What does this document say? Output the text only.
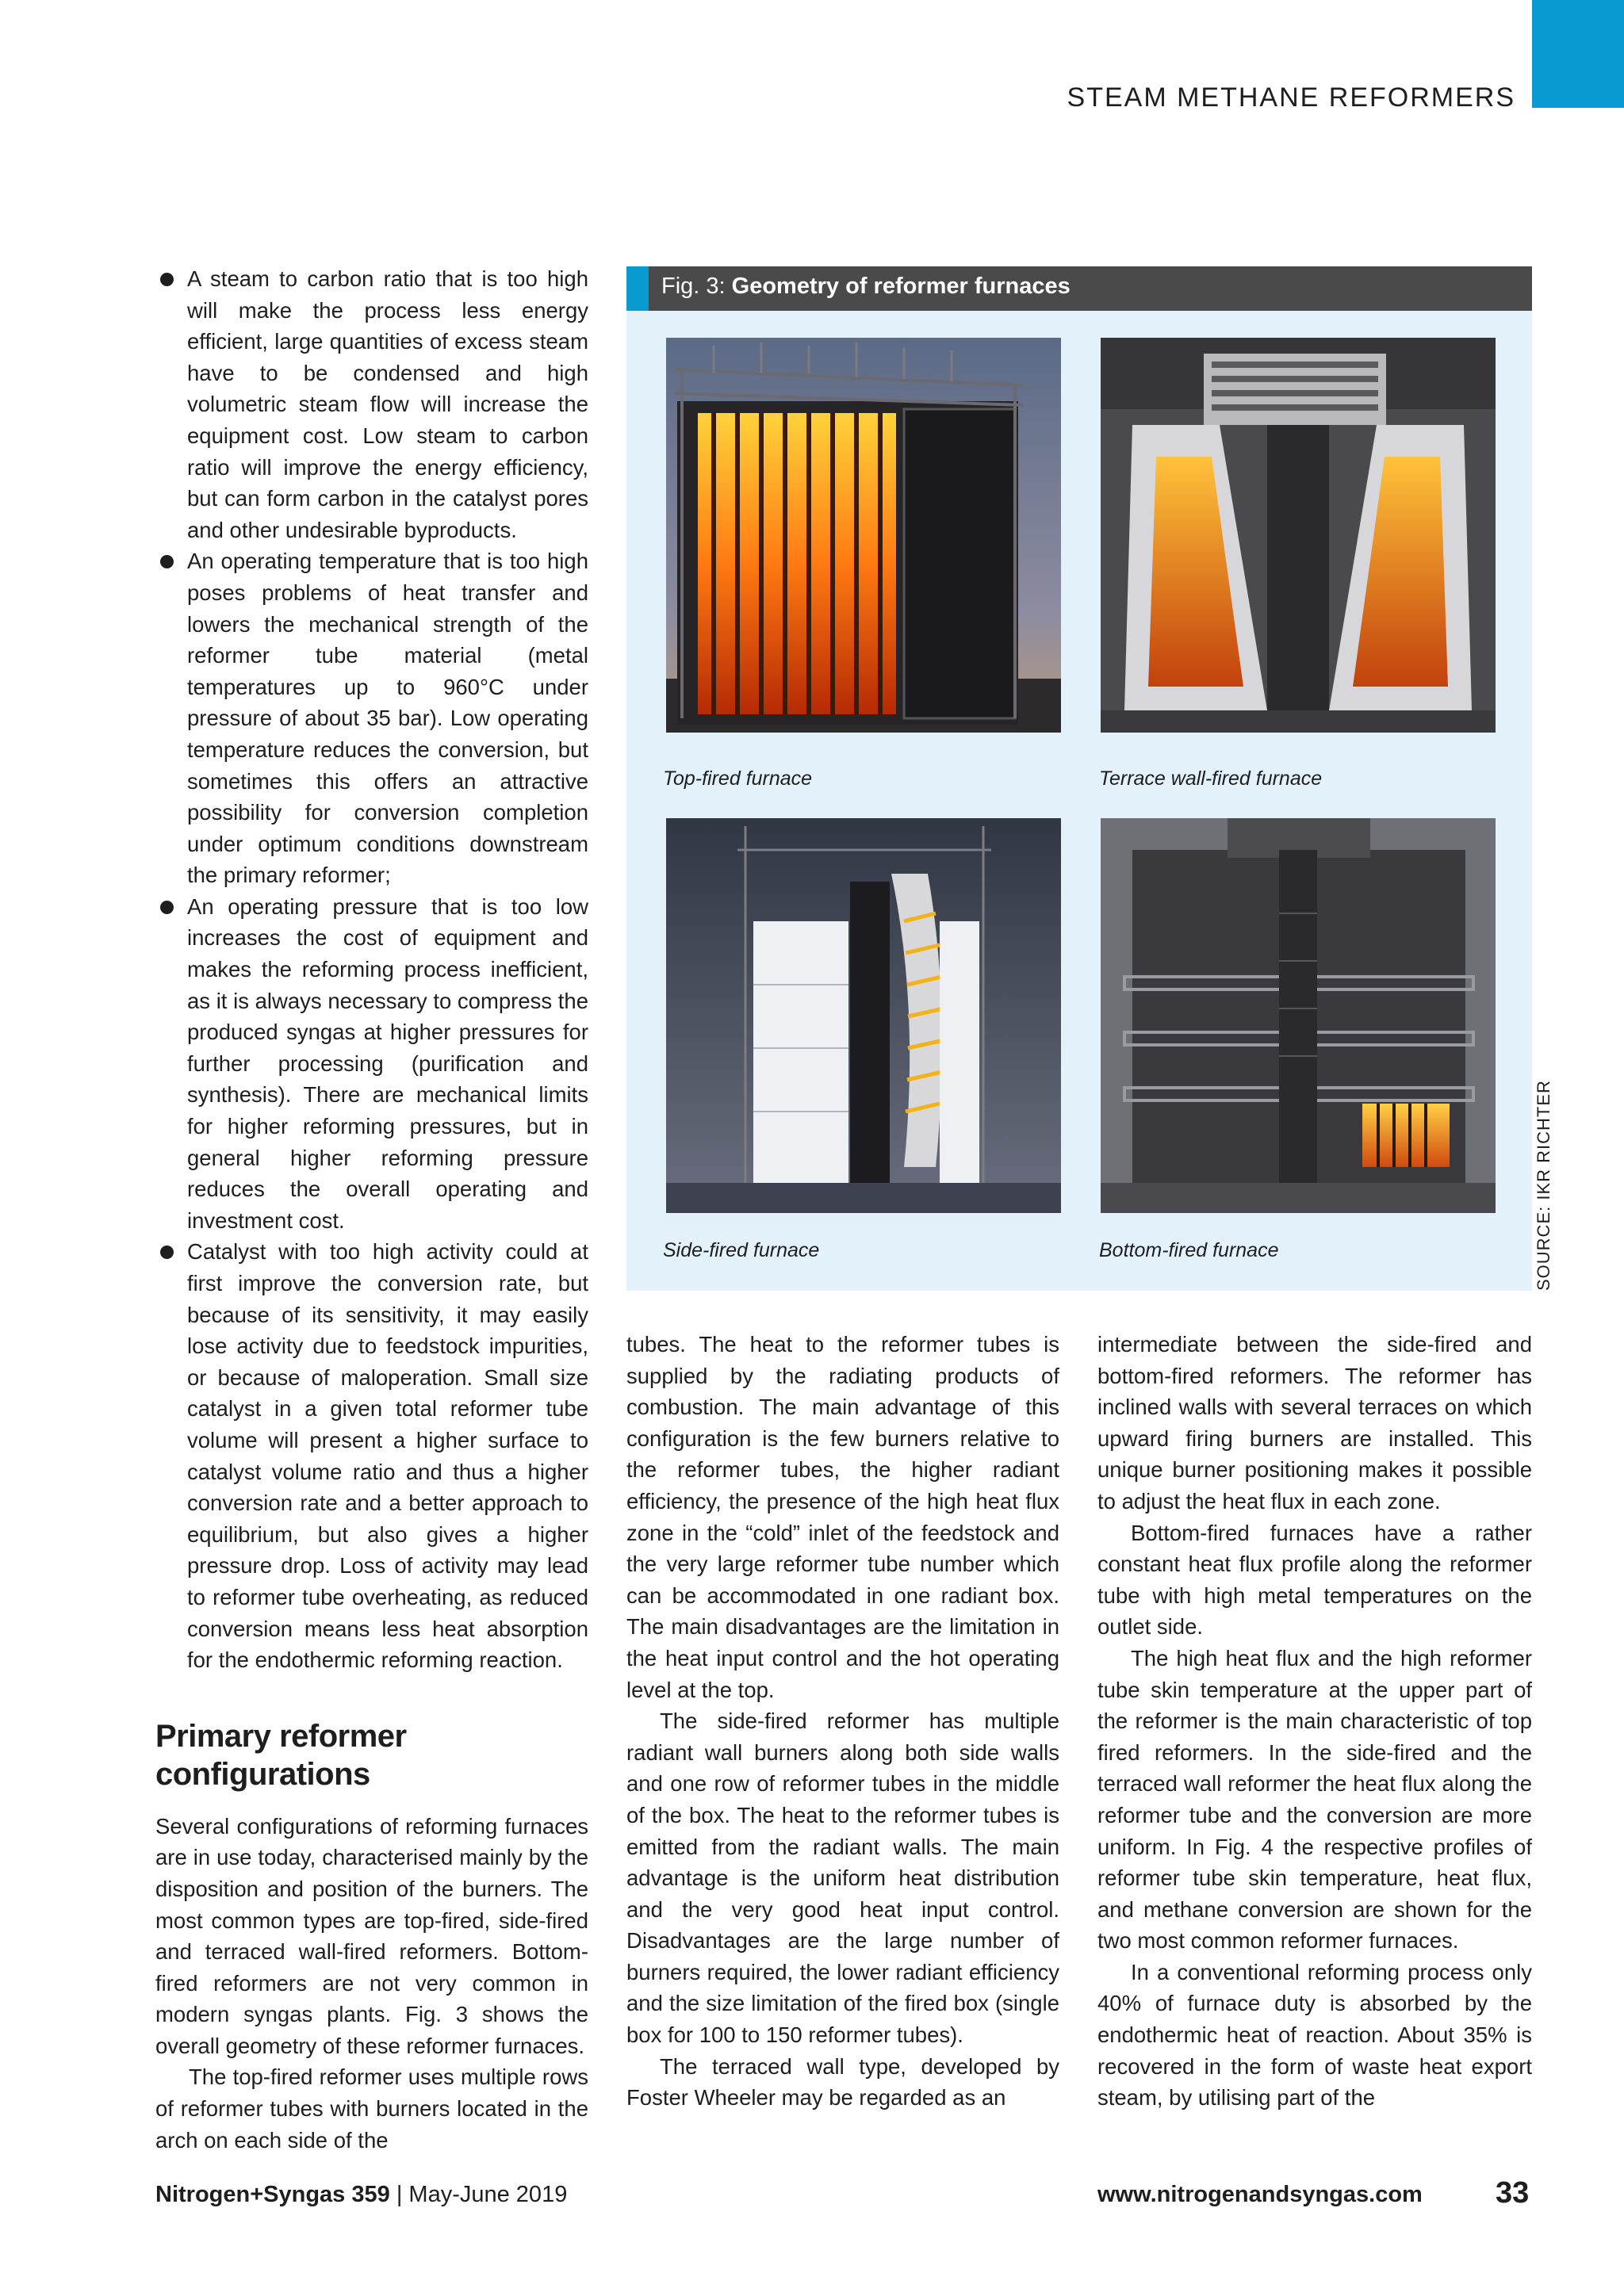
STEAM METHANE REFORMERS
A steam to carbon ratio that is too high will make the process less energy efficient, large quantities of excess steam have to be condensed and high volumetric steam flow will increase the equipment cost. Low steam to carbon ratio will improve the energy efficiency, but can form carbon in the catalyst pores and other undesirable byproducts.
An operating temperature that is too high poses problems of heat transfer and lowers the mechanical strength of the reformer tube material (metal temperatures up to 960°C under pressure of about 35 bar). Low operating temperature reduces the conversion, but sometimes this offers an attractive possibility for conversion completion under optimum conditions downstream the primary reformer;
An operating pressure that is too low increases the cost of equipment and makes the reforming process inefficient, as it is always necessary to compress the produced syngas at higher pressures for further processing (purification and synthesis). There are mechanical limits for higher reforming pressures, but in general higher reforming pressure reduces the overall operating and investment cost.
Catalyst with too high activity could at first improve the conversion rate, but because of its sensitivity, it may easily lose activity due to feedstock impurities, or because of maloperation. Small size catalyst in a given total reformer tube volume will present a higher surface to catalyst volume ratio and thus a higher conversion rate and a better approach to equilibrium, but also gives a higher pressure drop. Loss of activity may lead to reformer tube overheating, as reduced conversion means less heat absorption for the endothermic reforming reaction.
Primary reformer configurations

Several configurations of reforming furnaces are in use today, characterised mainly by the disposition and position of the burners. The most common types are top-fired, side-fired and terraced wall-fired reformers. Bottom-fired reformers are not very common in modern syngas plants. Fig. 3 shows the overall geometry of these reformer furnaces.

The top-fired reformer uses multiple rows of reformer tubes with burners located in the arch on each side of the

Fig. 3: Geometry of reformer furnaces
Top-fired furnace	Terrace wall-fired furnace
Side-fired furnace	Bottom-fired furnace	SOURCE: IKR RICHTER

tubes. The heat to the reformer tubes is supplied by the radiating products of combustion. The main advantage of this configuration is the few burners relative to the reformer tubes, the higher radiant efficiency, the presence of the high heat flux zone in the “cold” inlet of the feedstock and the very large reformer tube number which can be accommodated in one radiant box. The main disadvantages are the limitation in the heat input control and the hot operating level at the top.

The side-fired reformer has multiple radiant wall burners along both side walls and one row of reformer tubes in the middle of the box. The heat to the reformer tubes is emitted from the radiant walls. The main advantage is the uniform heat distribution and the very good heat input control. Disadvantages are the large number of burners required, the lower radiant efficiency and the size limitation of the fired box (single box for 100 to 150 reformer tubes).

The terraced wall type, developed by Foster Wheeler may be regarded as an

intermediate between the side-fired and bottom-fired reformers. The reformer has inclined walls with several terraces on which upward firing burners are installed. This unique burner positioning makes it possible to adjust the heat flux in each zone.

Bottom-fired furnaces have a rather constant heat flux profile along the reformer tube with high metal temperatures on the outlet side.

The high heat flux and the high reformer tube skin temperature at the upper part of the reformer is the main characteristic of top fired reformers. In the side-fired and the terraced wall reformer the heat flux along the reformer tube and the conversion are more uniform. In Fig. 4 the respective profiles of reformer tube skin temperature, heat flux, and methane conversion are shown for the two most common reformer furnaces.

In a conventional reforming process only 40% of furnace duty is absorbed by the endothermic heat of reaction. About 35% is recovered in the form of waste heat export steam, by utilising part of the

Nitrogen+Syngas 359 | May-June 2019	www.nitrogenandsyngas.com 33
